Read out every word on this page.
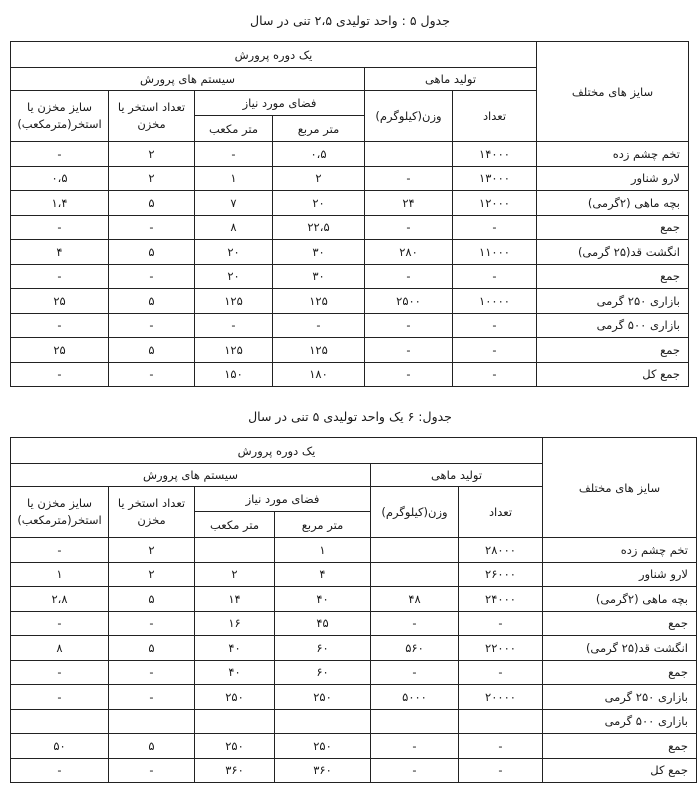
جدول ۵ : واحد تولیدی ۲،۵ تنی در سال
سایز های مختلف	یک دوره پرورش					
	تولید ماهی		سیستم های پرورش			
	تعداد	وزن(کیلوگرم)	فضای مورد نیاز		تعداد استخر یا مخزن	سایز مخزن یا استخر(مترمکعب)
			متر مربع	متر مکعب		
تخم چشم زده	۱۴۰۰۰		۰،۵	-	۲	-
لارو شناور	۱۳۰۰۰	-	۲	۱	۲	۰،۵
بچه ماهی (۲گرمی)	۱۲۰۰۰	۲۴	۲۰	۷	۵	۱،۴
جمع	-	-	۲۲،۵	۸	-	-
انگشت قد(۲۵ گرمی)	۱۱۰۰۰	۲۸۰	۳۰	۲۰	۵	۴
جمع	-	-	۳۰	۲۰	-	-
بازاری ۲۵۰ گرمی	۱۰۰۰۰	۲۵۰۰	۱۲۵	۱۲۵	۵	۲۵
بازاری ۵۰۰ گرمی	-	-	-	-	-	-
جمع	-	-	۱۲۵	۱۲۵	۵	۲۵
جمع کل	-	-	۱۸۰	۱۵۰	-	-
جدول: ۶ یک واحد تولیدی ۵ تنی در سال
سایز های مختلف	یک دوره پرورش					
	تولید ماهی		سیستم های پرورش			
	تعداد	وزن(کیلوگرم)	فضای مورد نیاز		تعداد استخر یا مخزن	سایز مخزن یا استخر(مترمکعب)
			متر مربع	متر مکعب		
تخم چشم زده	۲۸۰۰۰		۱		۲	-
لارو شناور	۲۶۰۰۰		۴	۲	۲	۱
بچه ماهی (۲گرمی)	۲۴۰۰۰	۴۸	۴۰	۱۴	۵	۲،۸
جمع	-	-	۴۵	۱۶	-	-
انگشت قد(۲۵ گرمی)	۲۲۰۰۰	۵۶۰	۶۰	۴۰	۵	۸
جمع	-	-	۶۰	۴۰	-	-
بازاری ۲۵۰ گرمی	۲۰۰۰۰	۵۰۰۰	۲۵۰	۲۵۰	-	-
بازاری ۵۰۰ گرمی						
جمع	-	-	۲۵۰	۲۵۰	۵	۵۰
جمع کل	-	-	۳۶۰	۳۶۰	-	-
